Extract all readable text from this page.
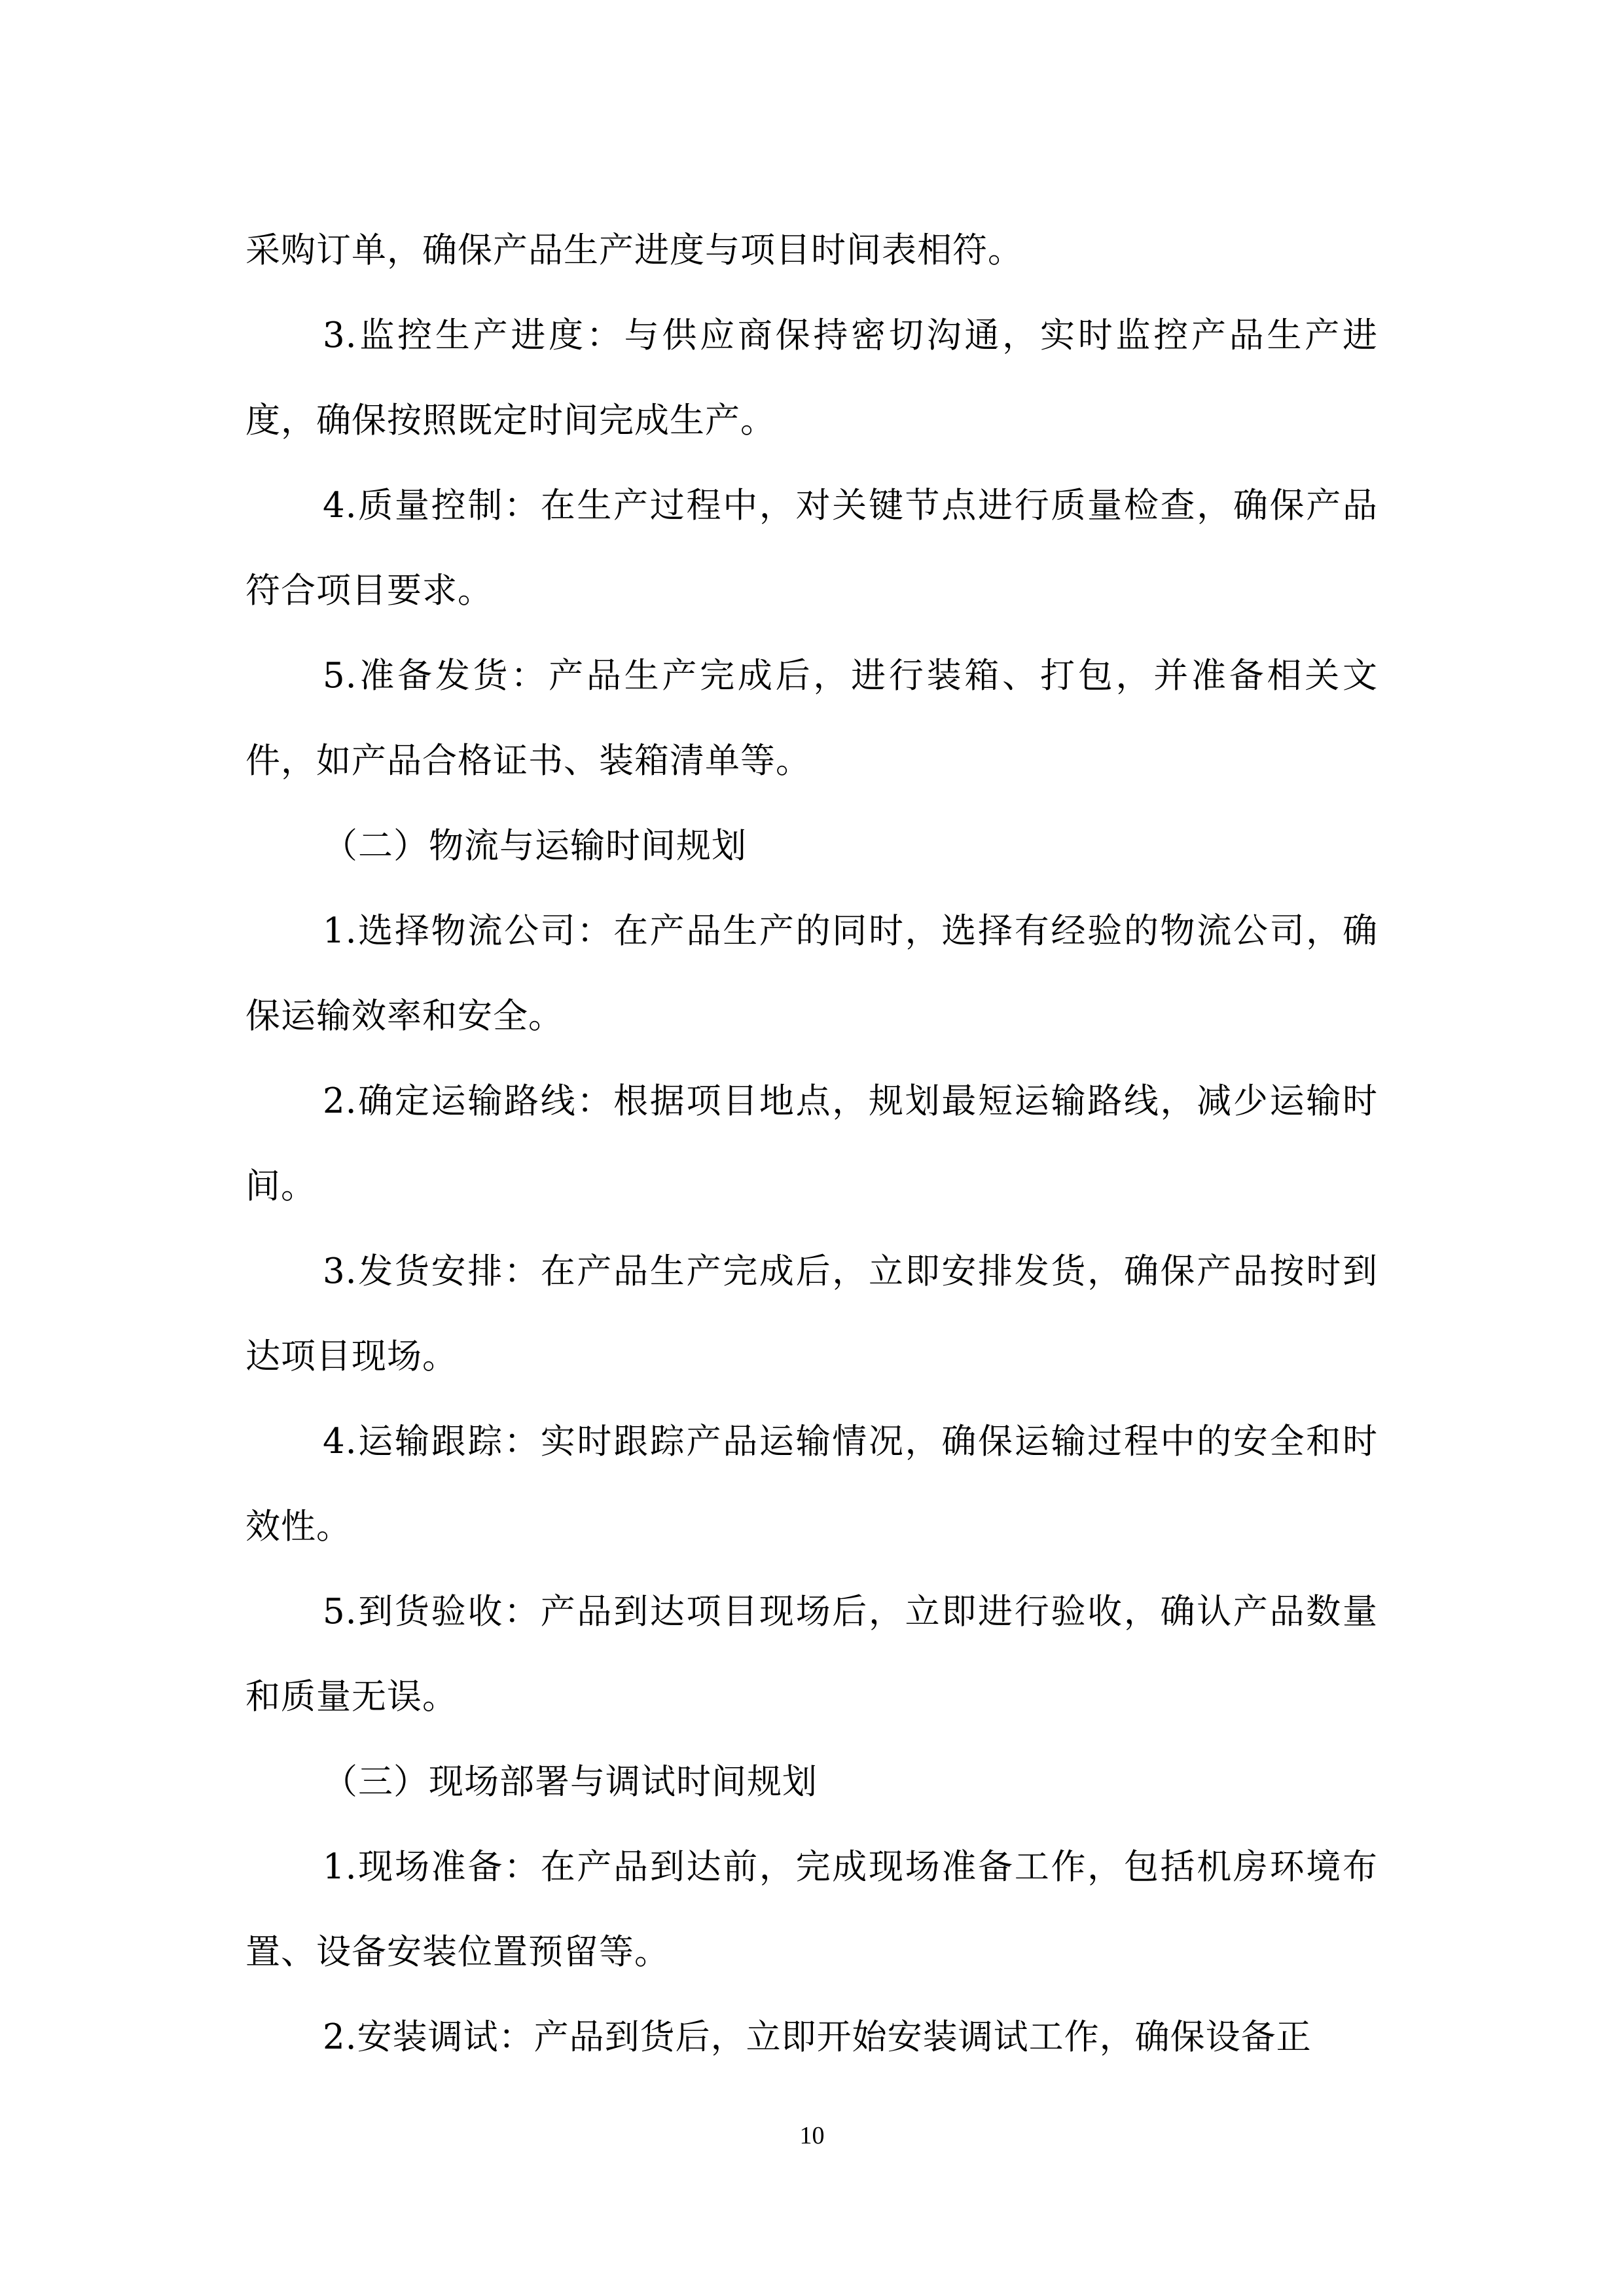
采购订单，确保产品生产进度与项目时间表相符。

3.监控生产进度：与供应商保持密切沟通，实时监控产品生产进度，确保按照既定时间完成生产。

4.质量控制：在生产过程中，对关键节点进行质量检查，确保产品符合项目要求。

5.准备发货：产品生产完成后，进行装箱、打包，并准备相关文件，如产品合格证书、装箱清单等。

（二）物流与运输时间规划

1.选择物流公司：在产品生产的同时，选择有经验的物流公司，确保运输效率和安全。

2.确定运输路线：根据项目地点，规划最短运输路线，减少运输时间。

3.发货安排：在产品生产完成后，立即安排发货，确保产品按时到达项目现场。

4.运输跟踪：实时跟踪产品运输情况，确保运输过程中的安全和时效性。

5.到货验收：产品到达项目现场后，立即进行验收，确认产品数量和质量无误。

（三）现场部署与调试时间规划

1.现场准备：在产品到达前，完成现场准备工作，包括机房环境布置、设备安装位置预留等。

2.安装调试：产品到货后，立即开始安装调试工作，确保设备正

10
